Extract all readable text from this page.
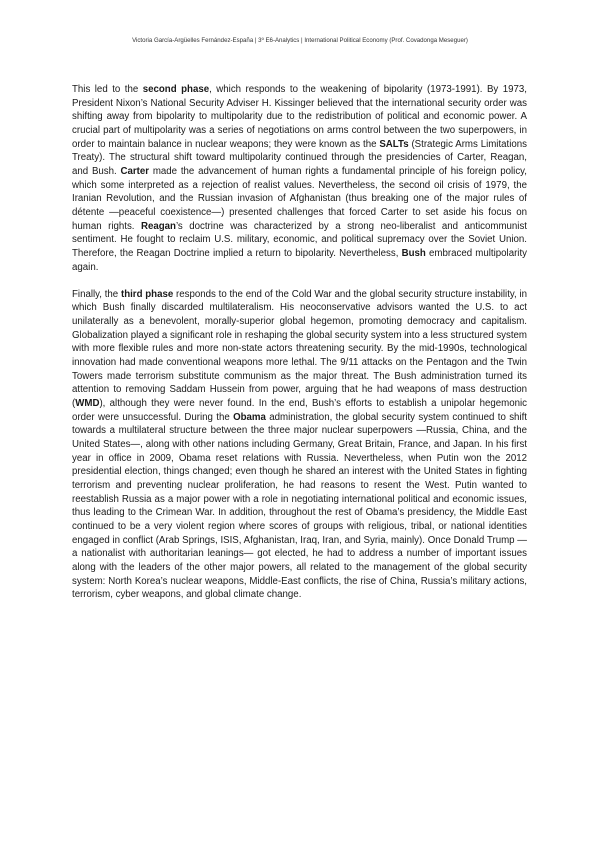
Victoria García-Argüelles Fernández-España | 3º E6-Analytics | International Political Economy (Prof. Covadonga Meseguer)

This led to the second phase, which responds to the weakening of bipolarity (1973-1991). By 1973, President Nixon’s National Security Adviser H. Kissinger believed that the international security order was shifting away from bipolarity to multipolarity due to the redistribution of political and economic power. A crucial part of multipolarity was a series of negotiations on arms control between the two superpowers, in order to maintain balance in nuclear weapons; they were known as the SALTs (Strategic Arms Limitations Treaty). The structural shift toward multipolarity continued through the presidencies of Carter, Reagan, and Bush. Carter made the advancement of human rights a fundamental principle of his foreign policy, which some interpreted as a rejection of realist values. Nevertheless, the second oil crisis of 1979, the Iranian Revolution, and the Russian invasion of Afghanistan (thus breaking one of the major rules of détente —peaceful coexistence—) presented challenges that forced Carter to set aside his focus on human rights. Reagan’s doctrine was characterized by a strong neo-liberalist and anticommunist sentiment. He fought to reclaim U.S. military, economic, and political supremacy over the Soviet Union. Therefore, the Reagan Doctrine implied a return to bipolarity. Nevertheless, Bush embraced multipolarity again.

Finally, the third phase responds to the end of the Cold War and the global security structure instability, in which Bush finally discarded multilateralism. His neoconservative advisors wanted the U.S. to act unilaterally as a benevolent, morally-superior global hegemon, promoting democracy and capitalism. Globalization played a significant role in reshaping the global security system into a less structured system with more flexible rules and more non-state actors threatening security. By the mid-1990s, technological innovation had made conventional weapons more lethal. The 9/11 attacks on the Pentagon and the Twin Towers made terrorism substitute communism as the major threat. The Bush administration turned its attention to removing Saddam Hussein from power, arguing that he had weapons of mass destruction (WMD), although they were never found. In the end, Bush’s efforts to establish a unipolar hegemonic order were unsuccessful. During the Obama administration, the global security system continued to shift towards a multilateral structure between the three major nuclear superpowers —Russia, China, and the United States—, along with other nations including Germany, Great Britain, France, and Japan. In his first year in office in 2009, Obama reset relations with Russia. Nevertheless, when Putin won the 2012 presidential election, things changed; even though he shared an interest with the United States in fighting terrorism and preventing nuclear proliferation, he had reasons to resent the West. Putin wanted to reestablish Russia as a major power with a role in negotiating international political and economic issues, thus leading to the Crimean War. In addition, throughout the rest of Obama’s presidency, the Middle East continued to be a very violent region where scores of groups with religious, tribal, or national identities engaged in conflict (Arab Springs, ISIS, Afghanistan, Iraq, Iran, and Syria, mainly). Once Donald Trump —a nationalist with authoritarian leanings— got elected, he had to address a number of important issues along with the leaders of the other major powers, all related to the management of the global security system: North Korea’s nuclear weapons, Middle-East conflicts, the rise of China, Russia’s military actions, terrorism, cyber weapons, and global climate change.
